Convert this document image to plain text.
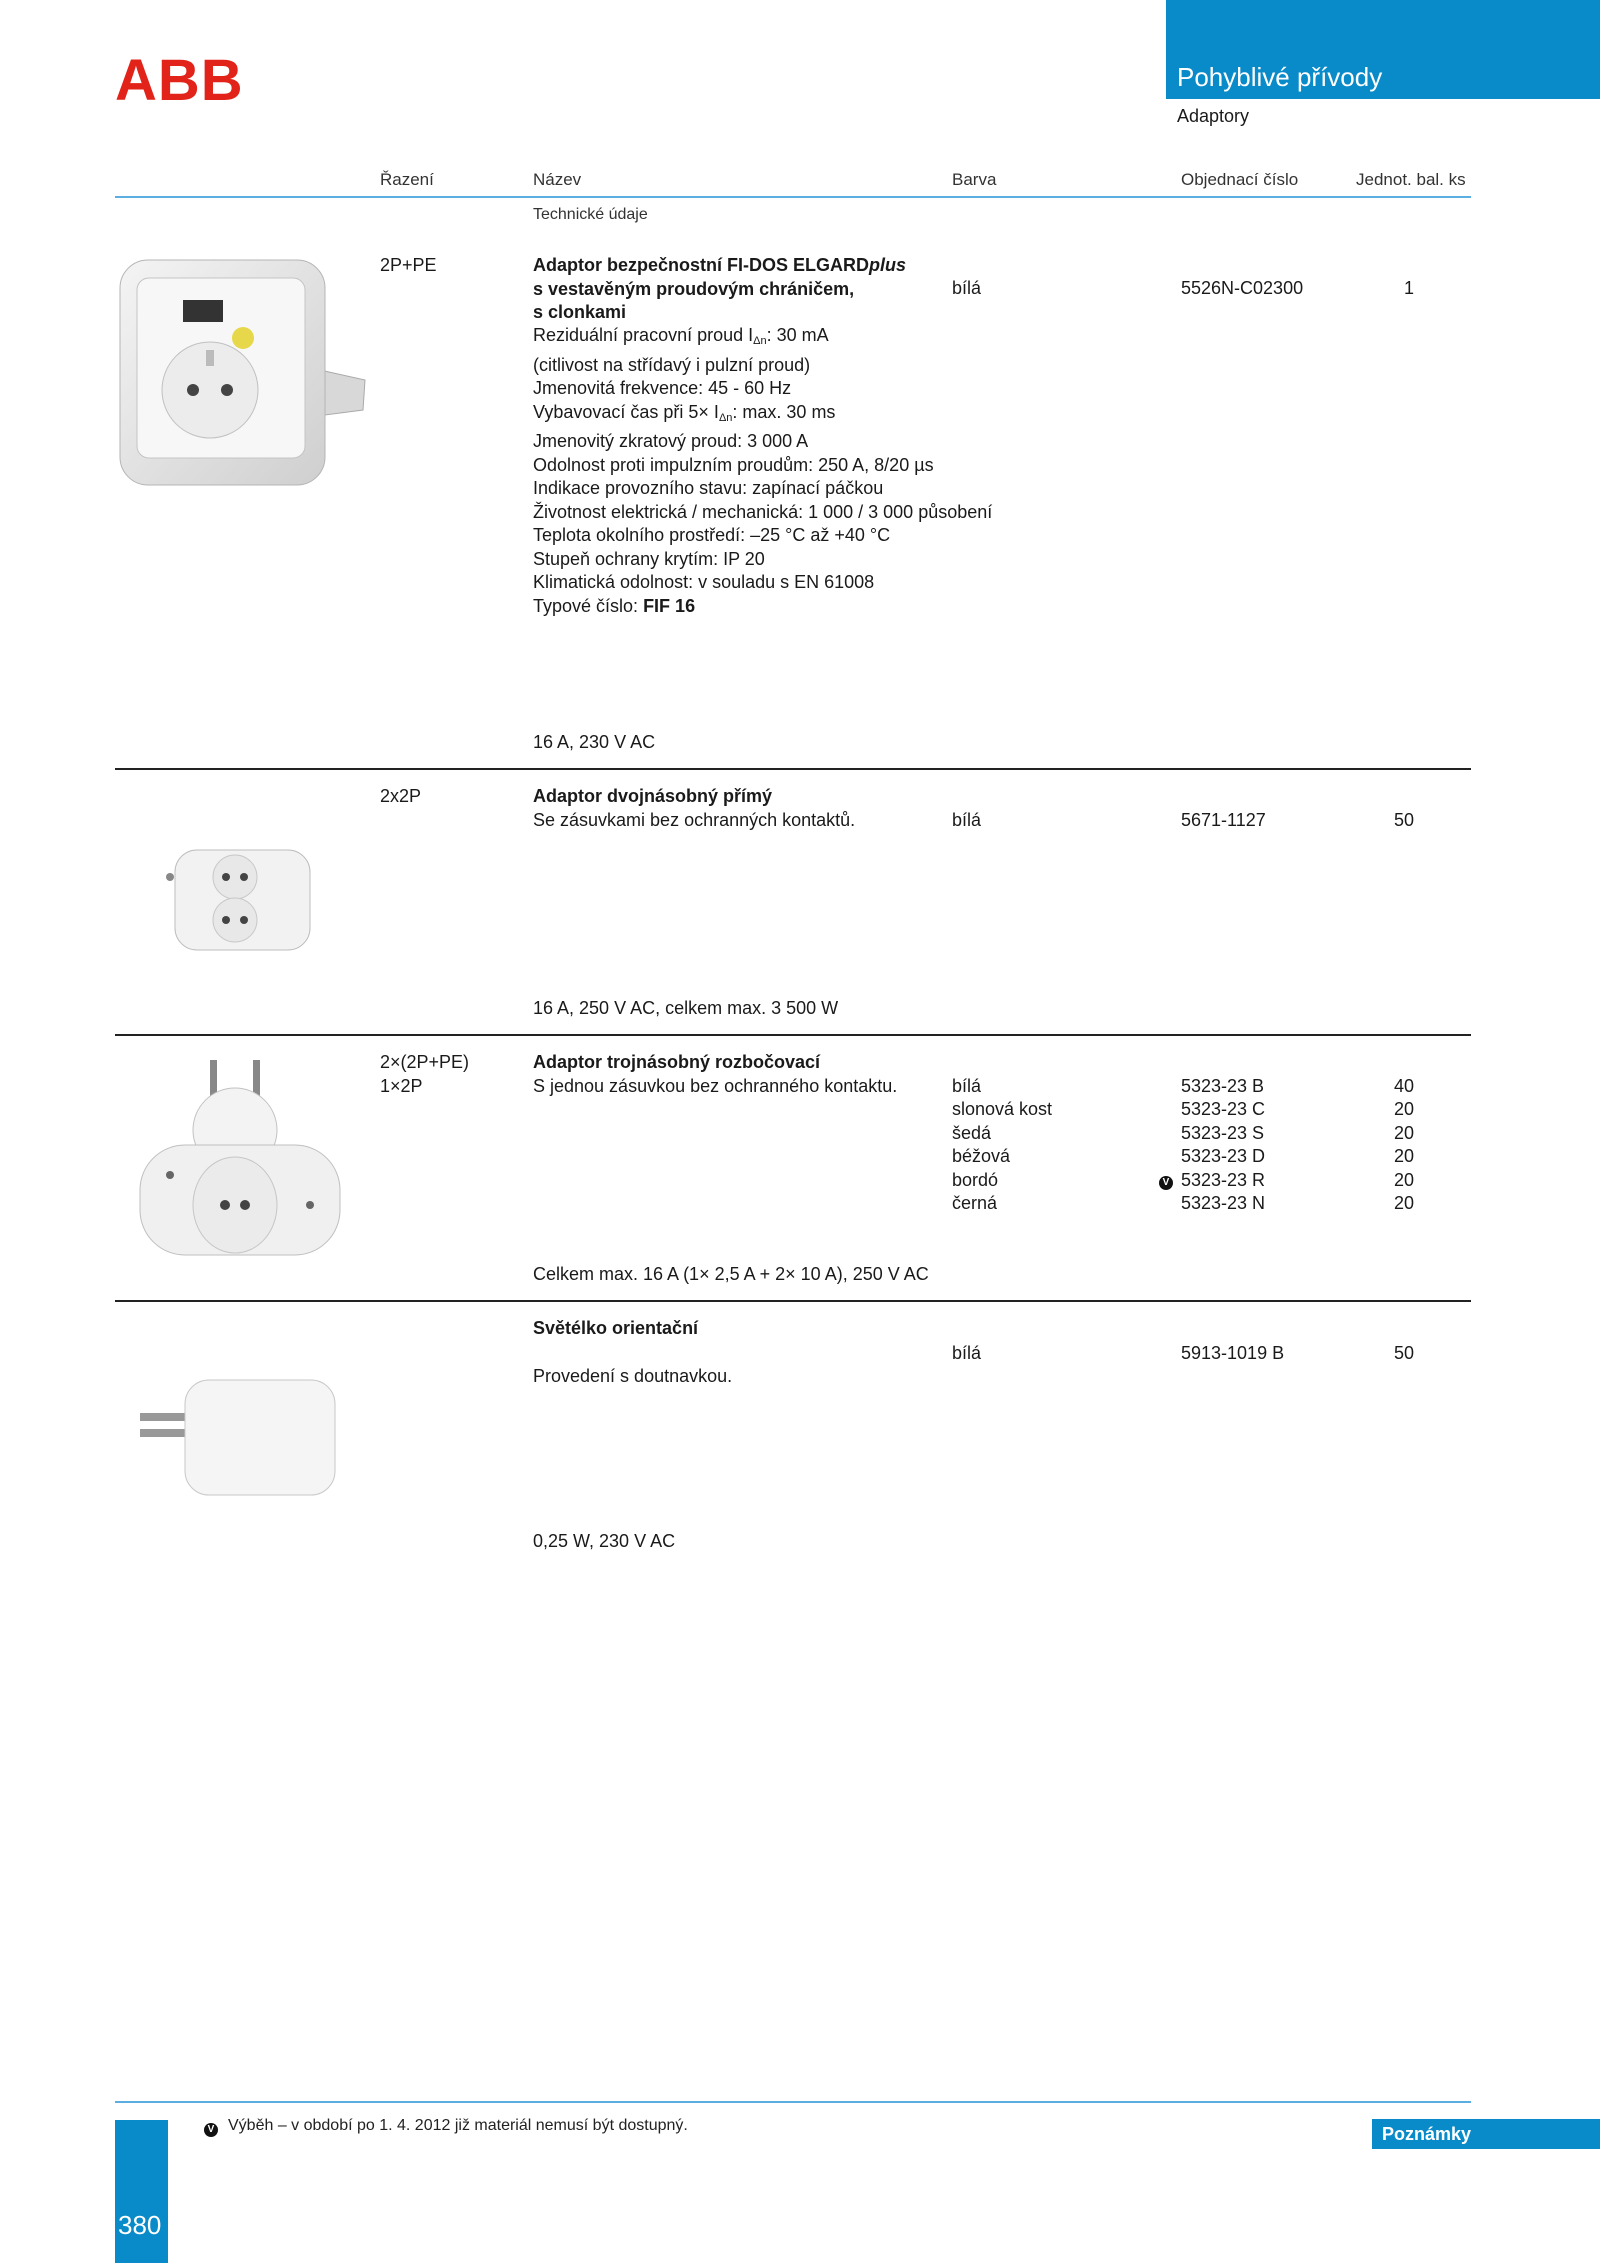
ABB	Pohyblivé přívody
Adaptory
Řazení	Název	Barva	Objednací číslo	Jednot. bal. ks
Technické údaje
2P+PE	Adaptor bezpečnostní FI-DOS ELGARDplus
s vestavěným proudovým chráničem,
s clonkami
Reziduální pracovní proud $I_{\Delta n}$: 30 mA
(citlivost na střídavý i pulzní proud)
Jmenovitá frekvence: 45 - 60 Hz
Vybavovací čas při $5\times I_{\Delta n}$: max. 30 ms
Jmenovitý zkratový proud: 3 000 A
Odolnost proti impulzním proudům: 250 A, 8/20 µs
Indikace provozního stavu: zapínací páčkou
Životnost elektrická / mechanická: 1 000 / 3 000 působení
Teplota okolního prostředí: –25 °C až +40 °C
Stupeň ochrany krytím: IP 20
Klimatická odolnost: v souladu s EN 61008
Typové číslo: FIF 16
bílá	5526N-C02300	1
16 A, 230 V AC
2x2P	Adaptor dvojnásobný přímý
Se zásuvkami bez ochranných kontaktů.	bílá	5671-1127	50
16 A, 250 V AC, celkem max. 3 500 W
2×(2P+PE)
1×2P
Adaptor trojnásobný rozbočovací
S jednou zásuvkou bez ochranného kontaktu.	bílá	5323-23 B	40
slonová kost	5323-23 C	20
šedá	5323-23 S	20
béžová	5323-23 D	20
bordó	V 5323-23 R	20
černá	5323-23 N	20
Celkem max. 16 A (1× 2,5 A + 2× 10 A), 250 V AC
Světélko orientační
Provedení s doutnavkou.
bílá	5913-1019 B	50
0,25 W, 230 V AC
V Výběh – v období po 1. 4. 2012 již materiál nemusí být dostupný.	Poznámky
380
